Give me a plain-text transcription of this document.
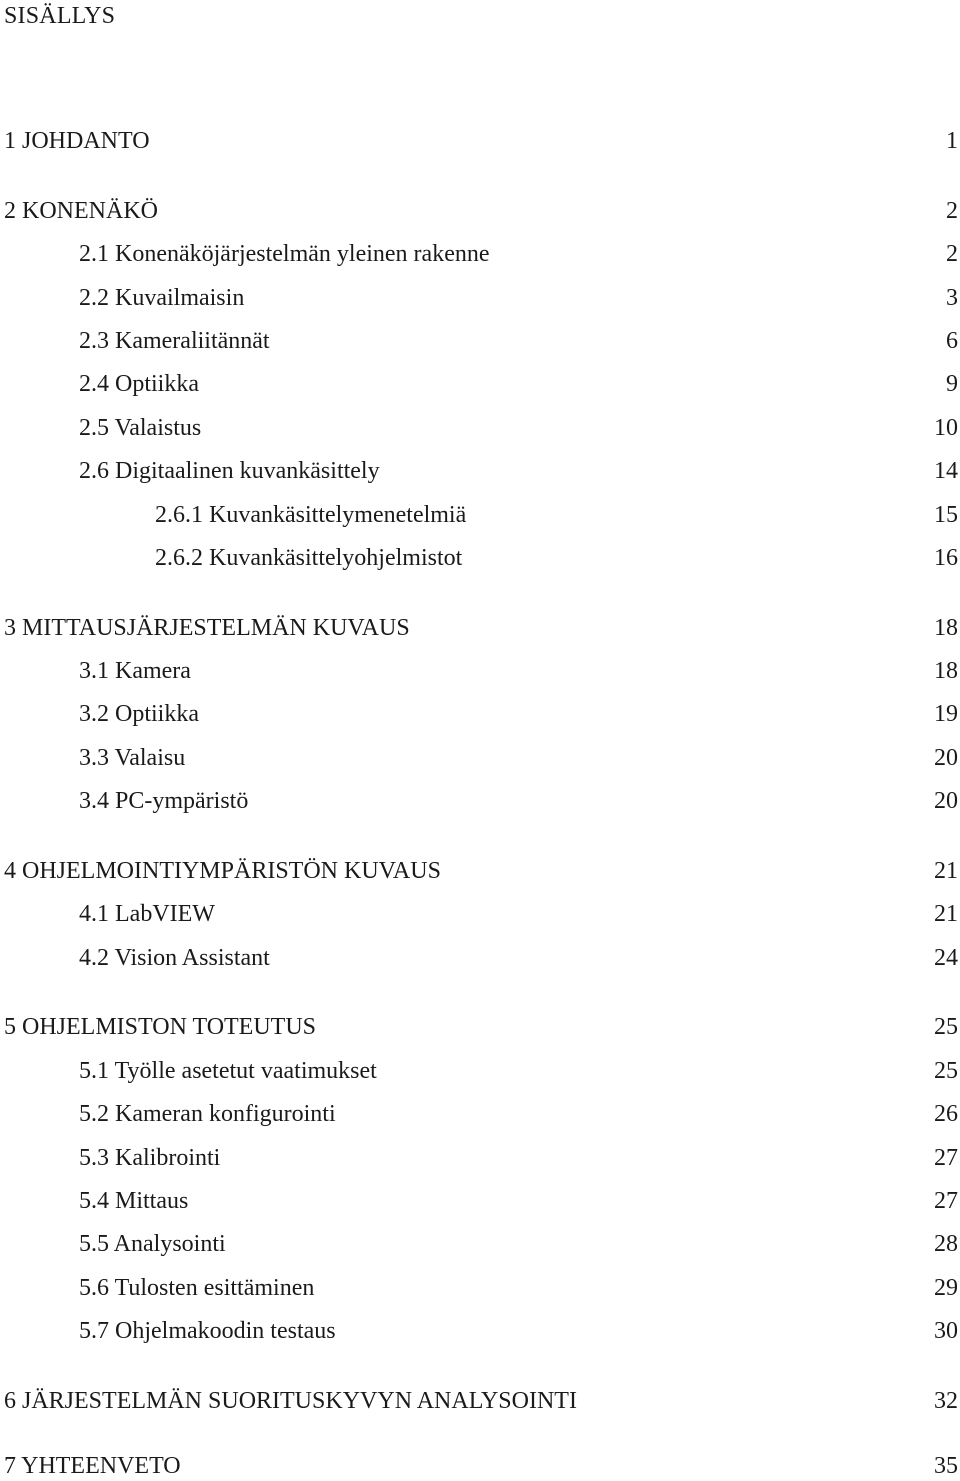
SISÄLLYS
1 JOHDANTO	1
2 KONENÄKÖ	2
2.1 Konenäköjärjestelmän yleinen rakenne	2
2.2 Kuvailmaisin	3
2.3 Kameraliitännät	6
2.4 Optiikka	9
2.5 Valaistus	10
2.6 Digitaalinen kuvankäsittely	14
2.6.1 Kuvankäsittelymenetelmiä	15
2.6.2 Kuvankäsittelyohjelmistot	16
3 MITTAUSJÄRJESTELMÄN KUVAUS	18
3.1 Kamera	18
3.2 Optiikka	19
3.3 Valaisu	20
3.4 PC-ympäristö	20
4 OHJELMOINTIYMPÄRISTÖN KUVAUS	21
4.1 LabVIEW	21
4.2 Vision Assistant	24
5 OHJELMISTON TOTEUTUS	25
5.1 Työlle asetetut vaatimukset	25
5.2 Kameran konfigurointi	26
5.3 Kalibrointi	27
5.4 Mittaus	27
5.5 Analysointi	28
5.6 Tulosten esittäminen	29
5.7 Ohjelmakoodin testaus	30
6 JÄRJESTELMÄN SUORITUSKYVYN ANALYSOINTI	32
7 YHTEENVETO	35
